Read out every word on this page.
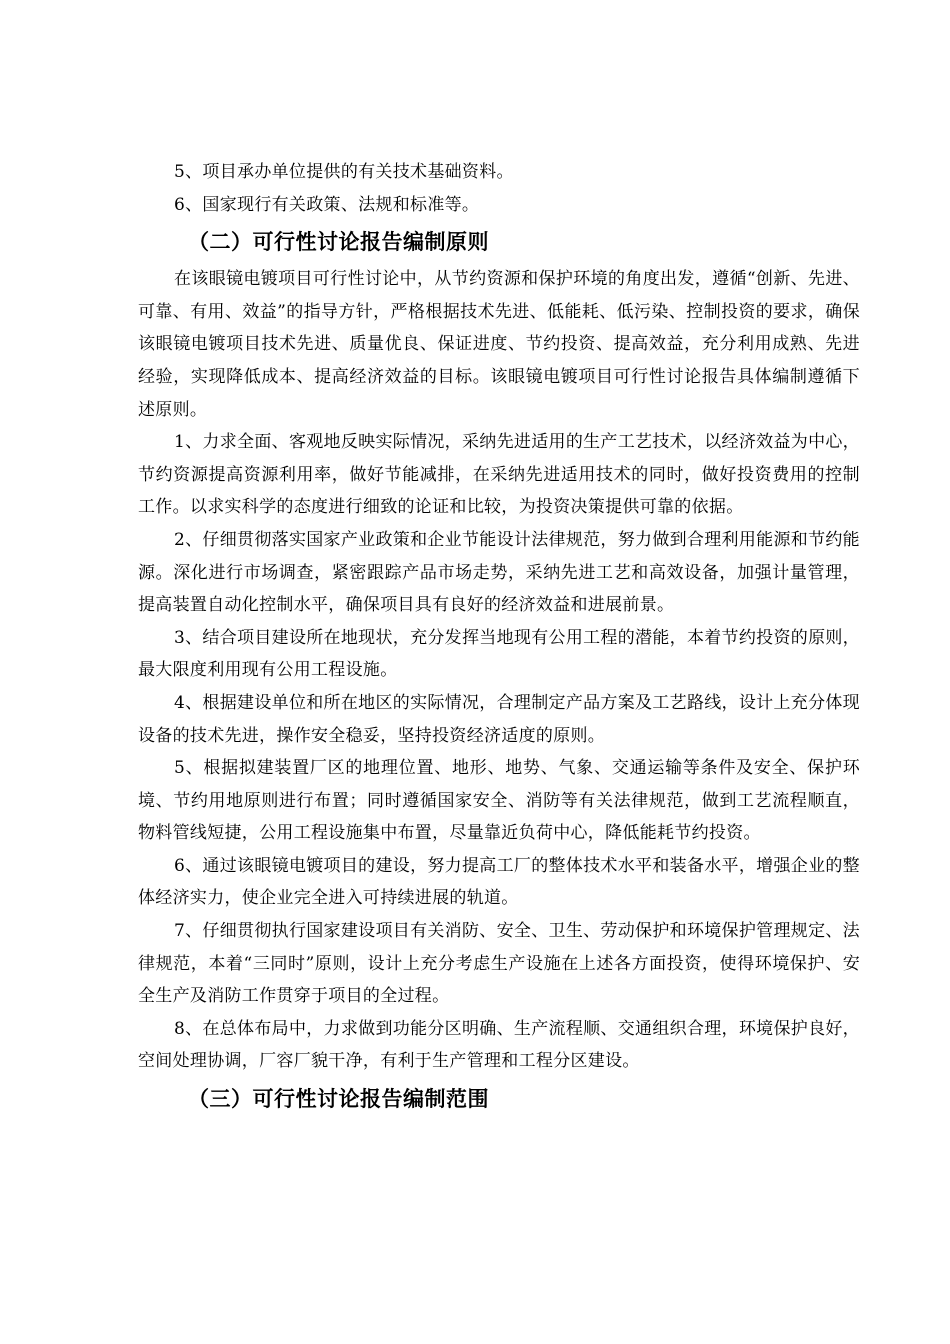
5、项目承办单位提供的有关技术基础资料。

6、国家现行有关政策、法规和标准等。

（二）可行性讨论报告编制原则

在该眼镜电镀项目可行性讨论中，从节约资源和保护环境的角度出发，遵循“创新、先进、可靠、有用、效益”的指导方针，严格根据技术先进、低能耗、低污染、控制投资的要求，确保该眼镜电镀项目技术先进、质量优良、保证进度、节约投资、提高效益，充分利用成熟、先进经验，实现降低成本、提高经济效益的目标。该眼镜电镀项目可行性讨论报告具体编制遵循下述原则。

1、力求全面、客观地反映实际情况，采纳先进适用的生产工艺技术，以经济效益为中心，节约资源提高资源利用率，做好节能减排，在采纳先进适用技术的同时，做好投资费用的控制工作。以求实科学的态度进行细致的论证和比较，为投资决策提供可靠的依据。

2、仔细贯彻落实国家产业政策和企业节能设计法律规范，努力做到合理利用能源和节约能源。深化进行市场调查，紧密跟踪产品市场走势，采纳先进工艺和高效设备，加强计量管理，提高装置自动化控制水平，确保项目具有良好的经济效益和进展前景。

3、结合项目建设所在地现状，充分发挥当地现有公用工程的潜能，本着节约投资的原则，最大限度利用现有公用工程设施。

4、根据建设单位和所在地区的实际情况，合理制定产品方案及工艺路线，设计上充分体现设备的技术先进，操作安全稳妥，坚持投资经济适度的原则。

5、根据拟建装置厂区的地理位置、地形、地势、气象、交通运输等条件及安全、保护环境、节约用地原则进行布置；同时遵循国家安全、消防等有关法律规范，做到工艺流程顺直，物料管线短捷，公用工程设施集中布置，尽量靠近负荷中心，降低能耗节约投资。

6、通过该眼镜电镀项目的建设，努力提高工厂的整体技术水平和装备水平，增强企业的整体经济实力，使企业完全进入可持续进展的轨道。

7、仔细贯彻执行国家建设项目有关消防、安全、卫生、劳动保护和环境保护管理规定、法律规范，本着“三同时”原则，设计上充分考虑生产设施在上述各方面投资，使得环境保护、安全生产及消防工作贯穿于项目的全过程。

8、在总体布局中，力求做到功能分区明确、生产流程顺、交通组织合理，环境保护良好，空间处理协调，厂容厂貌干净，有利于生产管理和工程分区建设。

（三）可行性讨论报告编制范围
